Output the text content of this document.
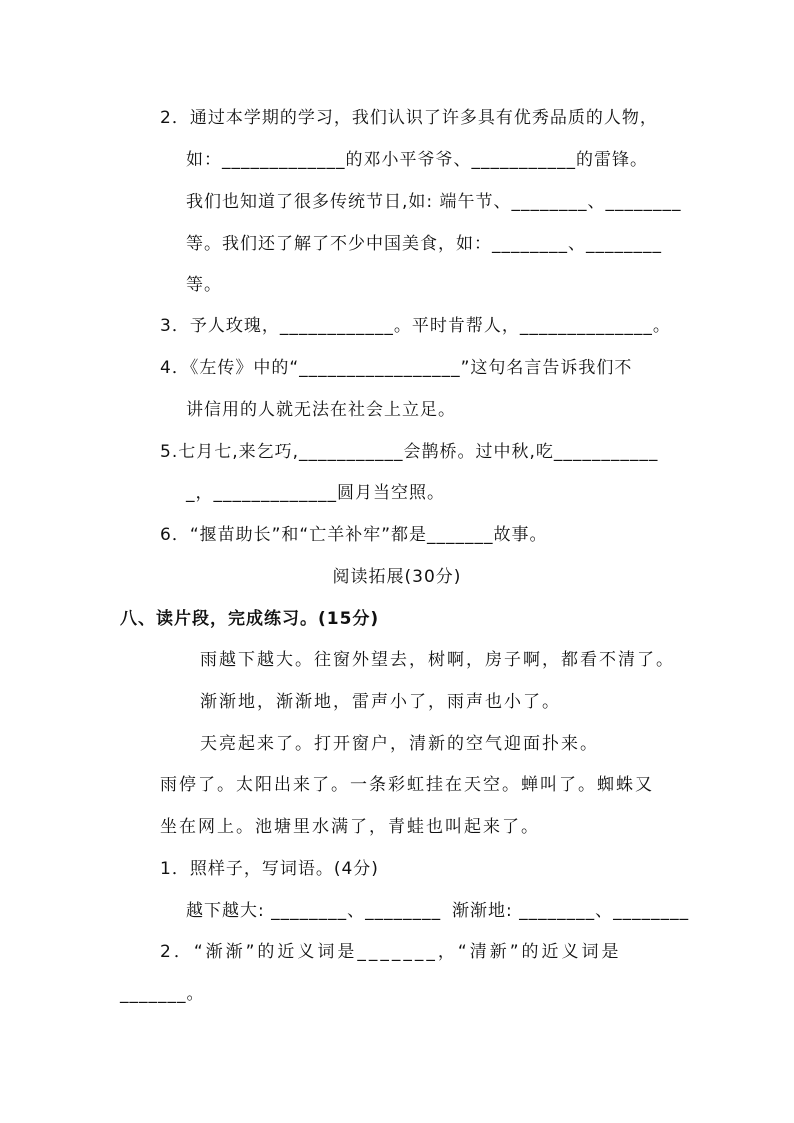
2．通过本学期的学习，我们认识了许多具有优秀品质的人物，
如：_____________的邓小平爷爷、___________的雷锋。
我们也知道了很多传统节日,如: 端午节、________、________
等。我们还了解了不少中国美食，如：________、________
等。
3．予人玫瑰，____________。平时肯帮人，______________。
4．《左传》中的“_________________”这句名言告诉我们不
讲信用的人就无法在社会上立足。
5.七月七,来乞巧,___________会鹊桥。过中秋,吃___________
_，_____________圆月当空照。
6．“揠苗助长”和“亡羊补牢”都是_______故事。
阅读拓展(30分)
八、读片段，完成练习。(15分)
雨越下越大。往窗外望去，树啊，房子啊，都看不清了。
渐渐地，渐渐地，雷声小了，雨声也小了。
天亮起来了。打开窗户，清新的空气迎面扑来。
雨停了。太阳出来了。一条彩虹挂在天空。蝉叫了。蜘蛛又
坐在网上。池塘里水满了，青蛙也叫起来了。
1．照样子，写词语。(4分)
越下越大: ________、________ 渐渐地: ________、________
2．“渐渐”的近义词是_______，“清新”的近义词是
_______。
